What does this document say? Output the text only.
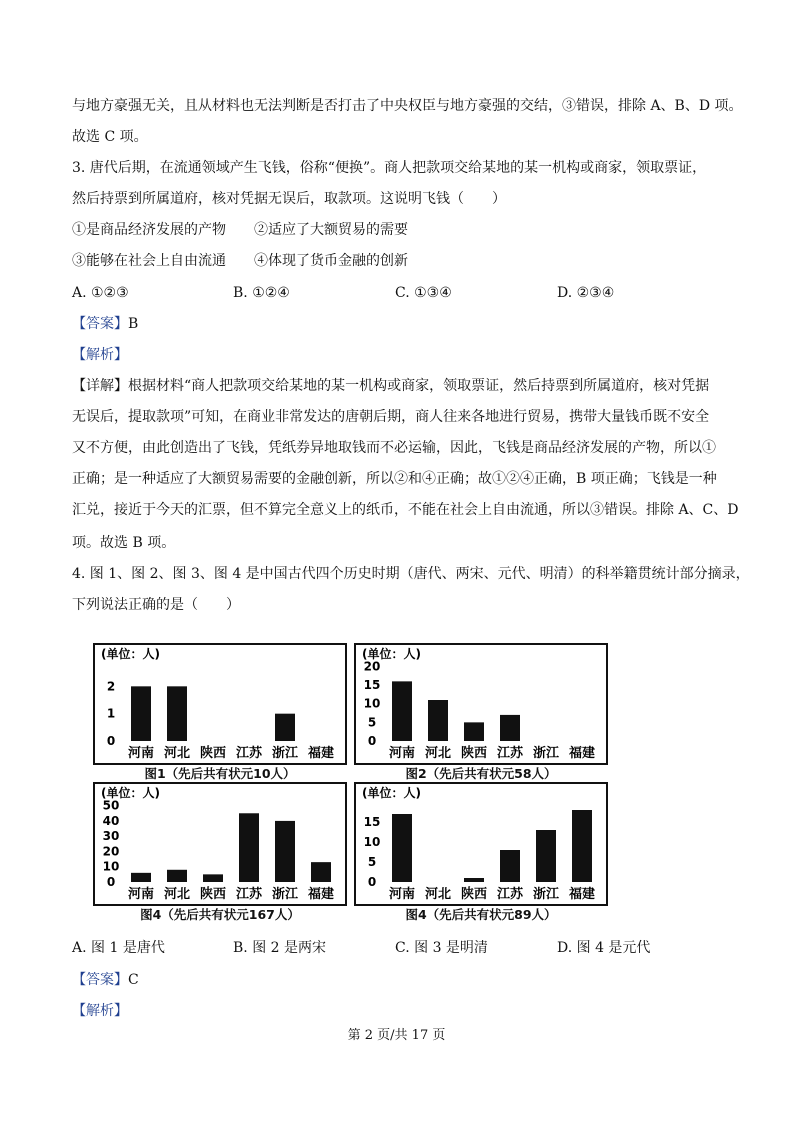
与地方豪强无关，且从材料也无法判断是否打击了中央权臣与地方豪强的交结，③错误，排除 A、B、D 项。
故选 C 项。
3. 唐代后期，在流通领域产生飞钱，俗称“便换”。商人把款项交给某地的某一机构或商家，领取票证，
然后持票到所属道府，核对凭据无误后，取款项。这说明飞钱（　　）
①是商品经济发展的产物　　②适应了大额贸易的需要
③能够在社会上自由流通　　④体现了货币金融的创新
A. ①②③	B. ①②④	C. ①③④	D. ②③④
【答案】B
【解析】
【详解】根据材料“商人把款项交给某地的某一机构或商家，领取票证，然后持票到所属道府，核对凭据
无误后，提取款项”可知，在商业非常发达的唐朝后期，商人往来各地进行贸易，携带大量钱币既不安全
又不方便，由此创造出了飞钱，凭纸券异地取钱而不必运输，因此，飞钱是商品经济发展的产物，所以①
正确；是一种适应了大额贸易需要的金融创新，所以②和④正确；故①②④正确，B 项正确；飞钱是一种
汇兑，接近于今天的汇票，但不算完全意义上的纸币，不能在社会上自由流通，所以③错误。排除 A、C、D
项。故选 B 项。
4. 图 1、图 2、图 3、图 4 是中国古代四个历史时期（唐代、两宋、元代、明清）的科举籍贯统计部分摘录，
下列说法正确的是（　　）
(单位：人)
0
1
2
河南 河北 陕西 江苏 浙江 福建
图1（先后共有状元10人）
(单位：人)
0
5
10
15
20
河南 河北 陕西 江苏 浙江 福建
图2（先后共有状元58人）
(单位：人)
0
10
20
30
40
50
河南 河北 陕西 江苏 浙江 福建
图4（先后共有状元167人）
(单位：人)
0
5
10
15
河南 河北 陕西 江苏 浙江 福建
图4（先后共有状元89人）
A. 图 1 是唐代	B. 图 2 是两宋	C. 图 3 是明清	D. 图 4 是元代
【答案】C
【解析】
第 2 页/共 17 页
